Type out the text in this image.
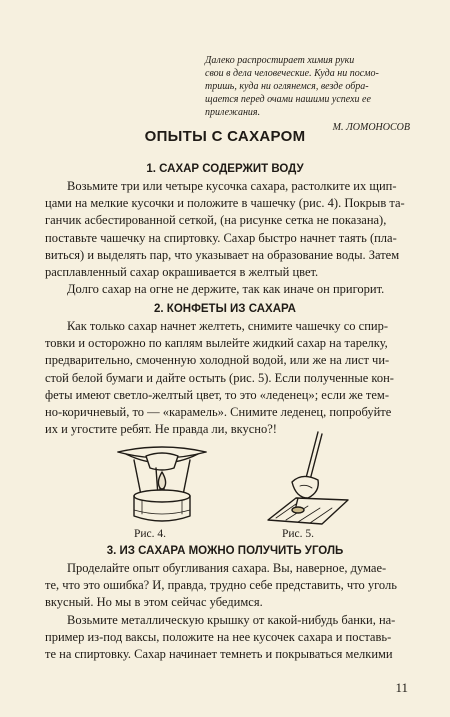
Далеко распростирает химия руки
свои в дела человеческие. Куда ни посмо-
тришь, куда ни оглянемся, везде обра-
щается перед очами нашими успехи ее
прилежания.
М. ЛОМОНОСОВ
ОПЫТЫ С САХАРОМ
1. САХАР СОДЕРЖИТ ВОДУ
Возьмите три или четыре кусочка сахара, растолките их щип-
цами на мелкие кусочки и положите в чашечку (рис. 4). Покрыв та-
ганчик асбестированной сеткой, (на рисунке сетка не показана),
поставьте чашечку на спиртовку. Сахар быстро начнет таять (пла-
виться) и выделять пар, что указывает на образование воды. Затем
расплавленный сахар окрашивается в желтый цвет.
Долго сахар на огне не держите, так как иначе он пригорит.
2. КОНФЕТЫ ИЗ САХАРА
Как только сахар начнет желтеть, снимите чашечку со спир-
товки и осторожно по каплям вылейте жидкий сахар на тарелку,
предварительно, смоченную холодной водой, или же на лист чи-
стой белой бумаги и дайте остыть (рис. 5). Если полученные кон-
феты имеют светло-желтый цвет, то это «леденец»; если же тем-
но-коричневый, то — «карамель». Снимите леденец, попробуйте
их и угостите ребят. Не правда ли, вкусно?!
Рис. 4.	Рис. 5.
3. ИЗ САХАРА МОЖНО ПОЛУЧИТЬ УГОЛЬ
Проделайте опыт обугливания сахара. Вы, наверное, думае-
те, что это ошибка? И, правда, трудно себе представить, что уголь
вкусный. Но мы в этом сейчас убедимся.
Возьмите металлическую крышку от какой-нибудь банки, на-
пример из-под ваксы, положите на нее кусочек сахара и поставь-
те на спиртовку. Сахар начинает темнеть и покрываться мелкими
11
